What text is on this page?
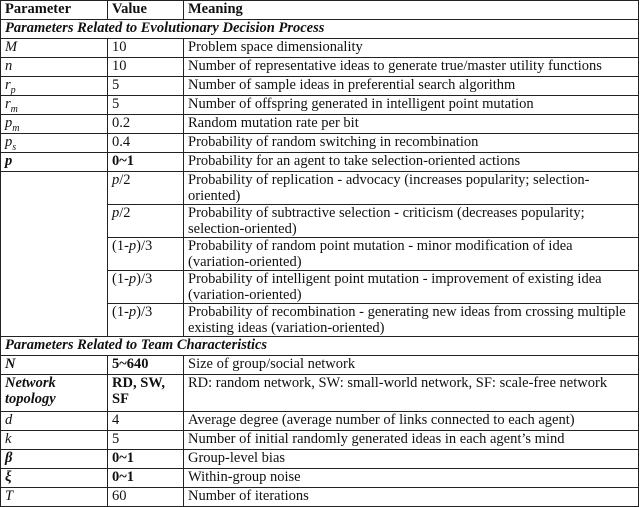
Parameter	Value	Meaning
Parameters Related to Evolutionary Decision Process		
M	10	Problem space dimensionality
n	10	Number of representative ideas to generate true/master utility functions
$r_p$	5	Number of sample ideas in preferential search algorithm
$r_m$	5	Number of offspring generated in intelligent point mutation
$p_m$	0.2	Random mutation rate per bit
$p_s$	0.4	Probability of random switching in recombination
p	0~1	Probability for an agent to take selection-oriented actions
	p/2	Probability of replication - advocacy (increases popularity; selection-oriented)
	p/2	Probability of subtractive selection - criticism (decreases popularity; selection-oriented)
	(1-p)/3	Probability of random point mutation - minor modification of idea (variation-oriented)
	(1-p)/3	Probability of intelligent point mutation - improvement of existing idea (variation-oriented)
	(1-p)/3	Probability of recombination - generating new ideas from crossing multiple existing ideas (variation-oriented)
Parameters Related to Team Characteristics		
N	5~640	Size of group/social network
Network topology	RD, SW, SF	RD: random network, SW: small-world network, SF: scale-free network
d	4	Average degree (average number of links connected to each agent)
k	5	Number of initial randomly generated ideas in each agent’s mind
β	0~1	Group-level bias
ξ	0~1	Within-group noise
T	60	Number of iterations
